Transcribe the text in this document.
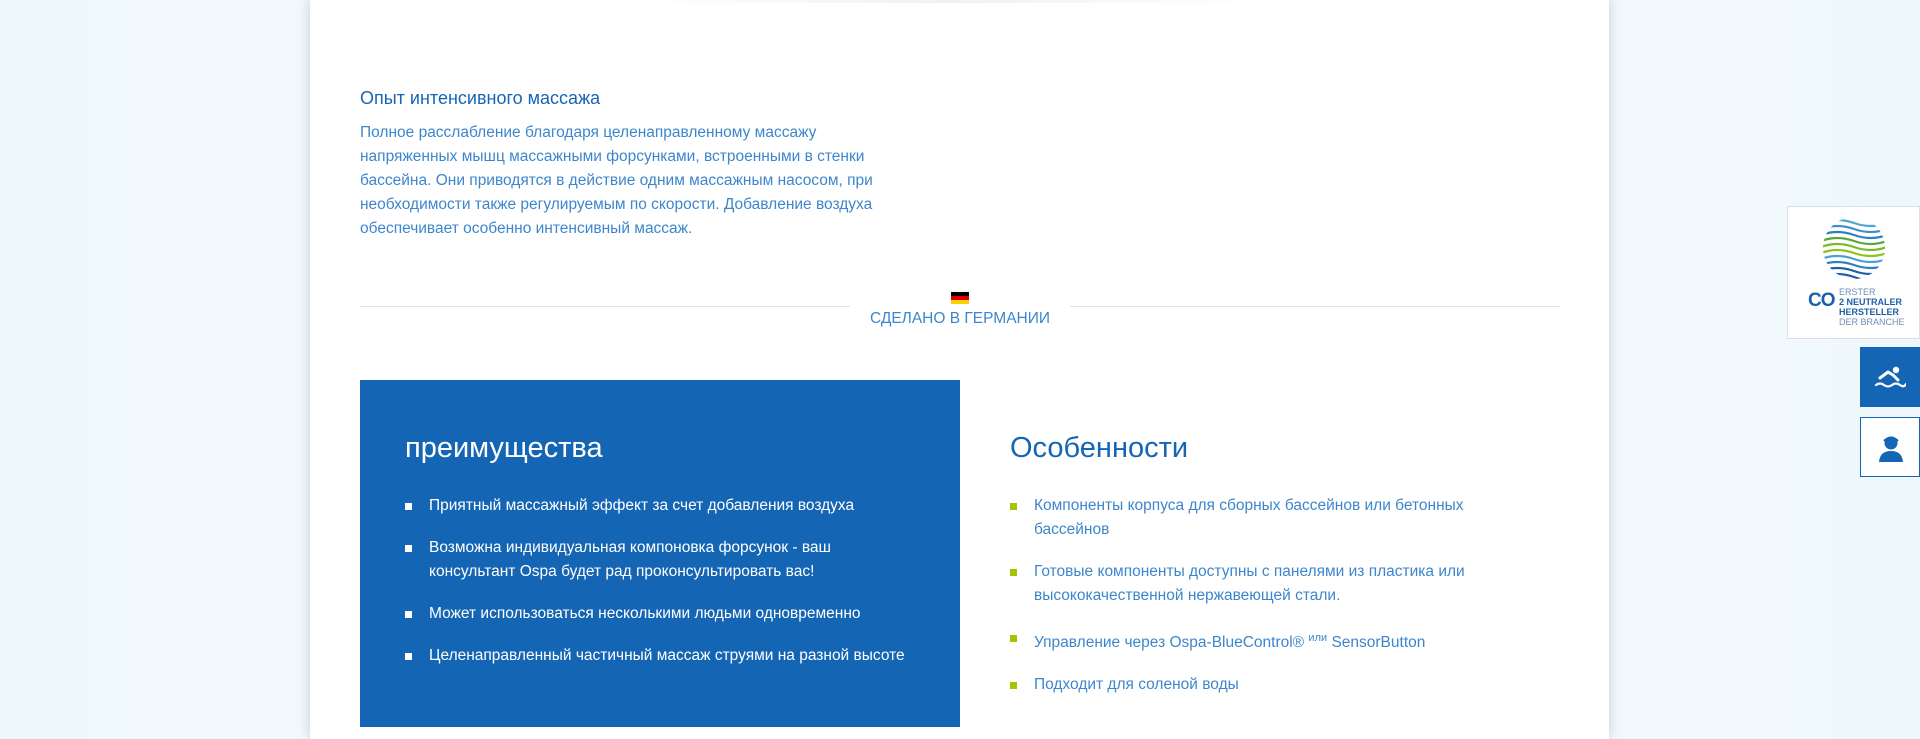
Опыт интенсивного массажа

Полное расслабление благодаря целенаправленному массажу напряженных мышц массажными форсунками, встроенными в стенки бассейна. Они приводятся в действие одним массажным насосом, при необходимости также регулируемым по скорости. Добавление воздуха обеспечивает особенно интенсивный массаж.

СДЕЛАНО В ГЕРМАНИИ
преимущества
Приятный массажный эффект за счет добавления воздуха
Возможна индивидуальная компоновка форсунок - ваш консультант Ospa будет рад проконсультировать вас!
Может использоваться несколькими людьми одновременно
Целенаправленный частичный массаж струями на разной высоте
Особенности
Компоненты корпуса для сборных бассейнов или бетонных бассейнов
Готовые компоненты доступны с панелями из пластика или высококачественной нержавеющей стали.
Управление через Ospa-BlueControl® $^{или}$ SensorButton
Подходит для соленой воды
CO ERSTER
2 NEUTRALER
HERSTELLER
DER BRANCHE
